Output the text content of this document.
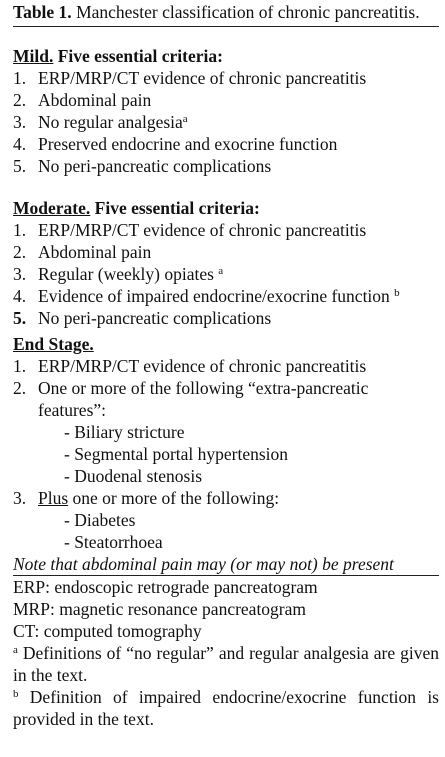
Table 1. Manchester classification of chronic pancreatitis.

Mild. Five essential criteria:

1. ERP/MRP/CT evidence of chronic pancreatitis
2. Abdominal pain
3. No regular analgesia$^a$
4. Preserved endocrine and exocrine function
5. No peri-pancreatic complications

Moderate. Five essential criteria:

1. ERP/MRP/CT evidence of chronic pancreatitis
2. Abdominal pain
3. Regular (weekly) opiates $^a$
4. Evidence of impaired endocrine/exocrine function $^b$
5. No peri-pancreatic complications

End Stage.

1. ERP/MRP/CT evidence of chronic pancreatitis
2. One or more of the following “extra-pancreatic features”:
- Biliary stricture
- Segmental portal hypertension
- Duodenal stenosis
3. Plus one or more of the following:
- Diabetes
- Steatorrhoea

Note that abdominal pain may (or may not) be present

ERP: endoscopic retrograde pancreatogram

MRP: magnetic resonance pancreatogram

CT: computed tomography

$^a$ Definitions of “no regular” and regular analgesia are given in the text.

$^b$ Definition of impaired endocrine/exocrine function is provided in the text.
